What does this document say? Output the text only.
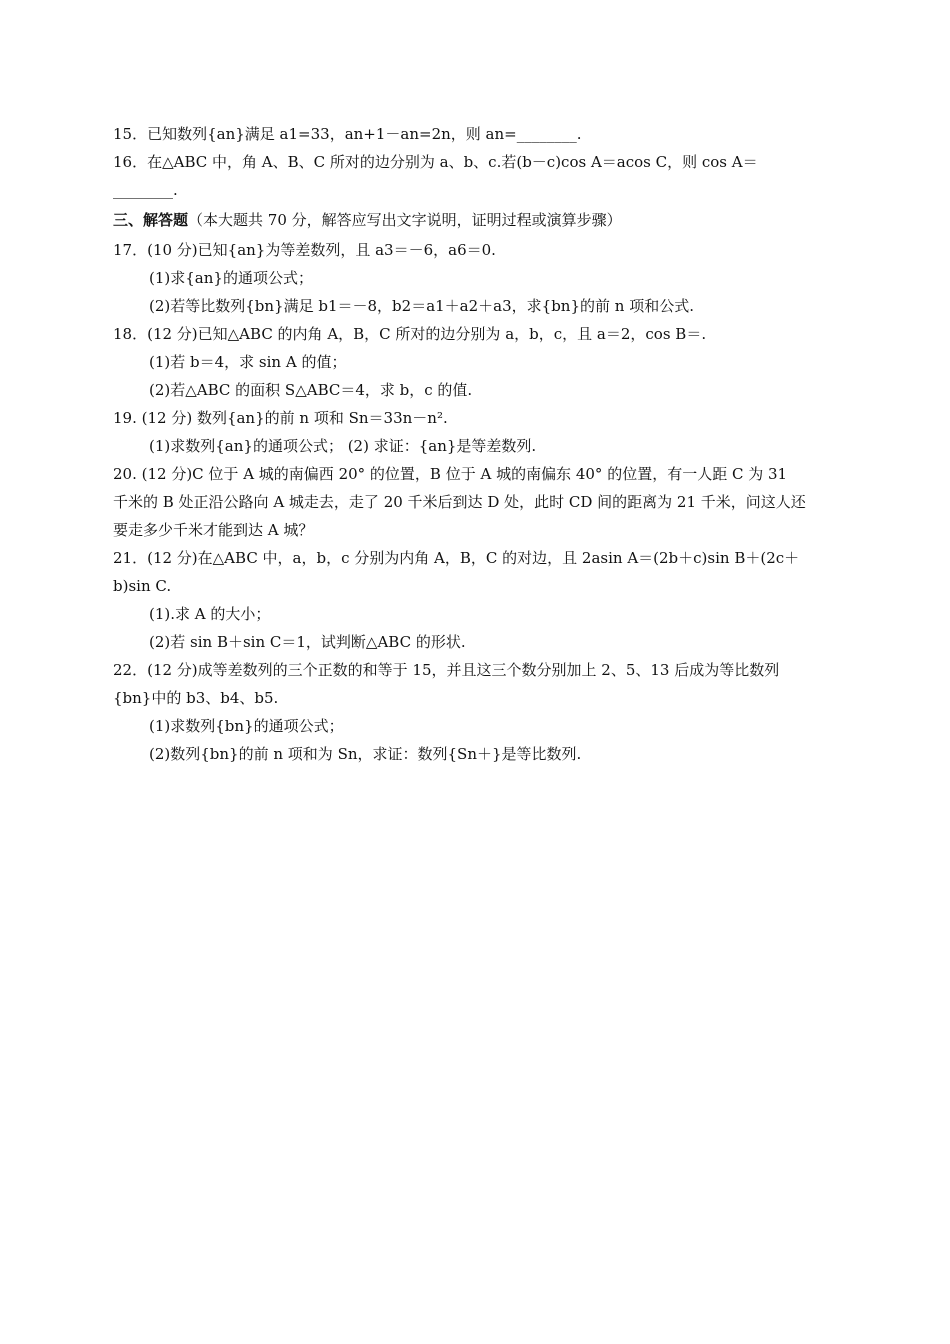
15．已知数列{an}满足 a1=33，an+1－an=2n，则 an=________.
16．在△ABC 中，角 A、B、C 所对的边分别为 a、b、c.若(b－c)cos A＝acos C，则 cos A＝
________.
三、解答题（本大题共 70 分，解答应写出文字说明，证明过程或演算步骤）
17．(10 分)已知{an}为等差数列，且 a3＝－6，a6＝0.
(1)求{an}的通项公式；
(2)若等比数列{bn}满足 b1＝－8，b2＝a1＋a2＋a3，求{bn}的前 n 项和公式.
18．(12 分)已知△ABC 的内角 A，B，C 所对的边分别为 a，b，c，且 a＝2，cos B＝.
(1)若 b＝4，求 sin A 的值；
(2)若△ABC 的面积 S△ABC＝4，求 b，c 的值.
19. (12 分) 数列{an}的前 n 项和 Sn＝33n－n².
(1)求数列{an}的通项公式； (2) 求证：{an}是等差数列.
20. (12 分)C 位于 A 城的南偏西 20° 的位置，B 位于 A 城的南偏东 40° 的位置，有一人距 C 为 31
千米的 B 处正沿公路向 A 城走去，走了 20 千米后到达 D 处，此时 CD 间的距离为 21 千米，问这人还
要走多少千米才能到达 A 城？
21．(12 分)在△ABC 中，a，b，c 分别为内角 A，B，C 的对边，且 2asin A＝(2b＋c)sin B＋(2c＋
b)sin C.
(1).求 A 的大小；
(2)若 sin B＋sin C＝1，试判断△ABC 的形状.
22．(12 分)成等差数列的三个正数的和等于 15，并且这三个数分别加上 2、5、13 后成为等比数列
{bn}中的 b3、b4、b5.
(1)求数列{bn}的通项公式；
(2)数列{bn}的前 n 项和为 Sn，求证：数列{Sn＋}是等比数列.
